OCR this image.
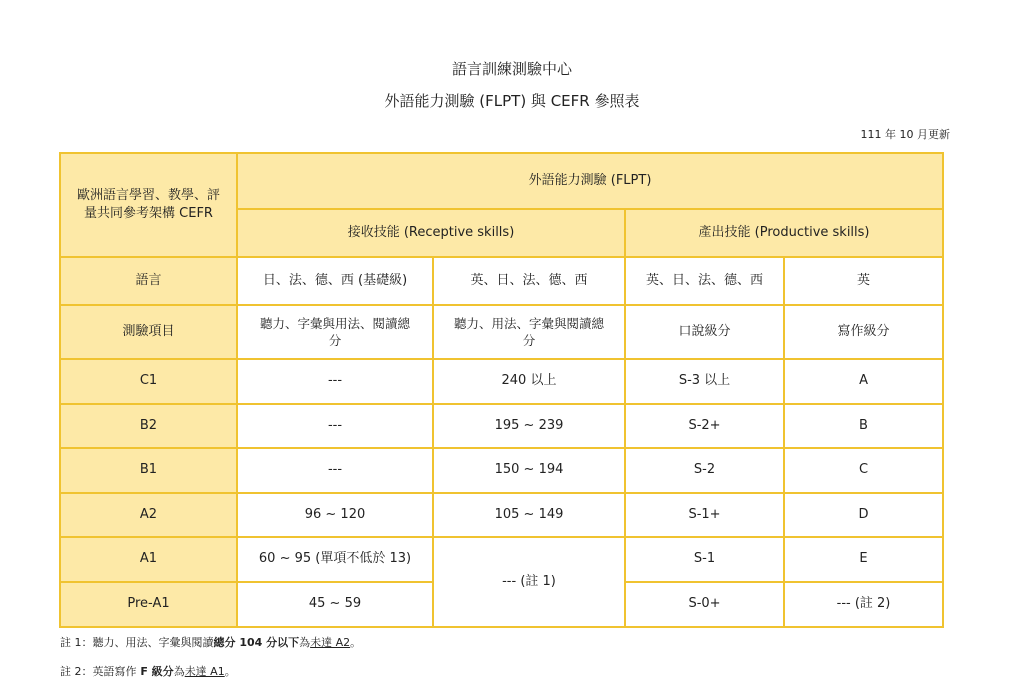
語言訓練測驗中心
外語能力測驗 (FLPT) 與 CEFR 參照表
111 年 10 月更新
歐洲語言學習、教學、評量共同參考架構 CEFR	外語能力測驗 (FLPT)			
	接收技能 (Receptive skills)		產出技能 (Productive skills)	
語言	日、法、德、西 (基礎級)	英、日、法、德、西	英、日、法、德、西	英
測驗項目	聽力、字彙與用法、閱讀總分	聽力、用法、字彙與閱讀總分	口說級分	寫作級分
C1	---	240 以上	S-3 以上	A
B2	---	195 ~ 239	S-2+	B
B1	---	150 ~ 194	S-2	C
A2	96 ~ 120	105 ~ 149	S-1+	D
A1	60 ~ 95 (單項不低於 13)	--- (註 1)	S-1	E
Pre-A1	45 ~ 59		S-0+	--- (註 2)
註 1：聽力、用法、字彙與閱讀總分 104 分以下為未達 A2。
註 2：英語寫作 F 級分為未達 A1。
